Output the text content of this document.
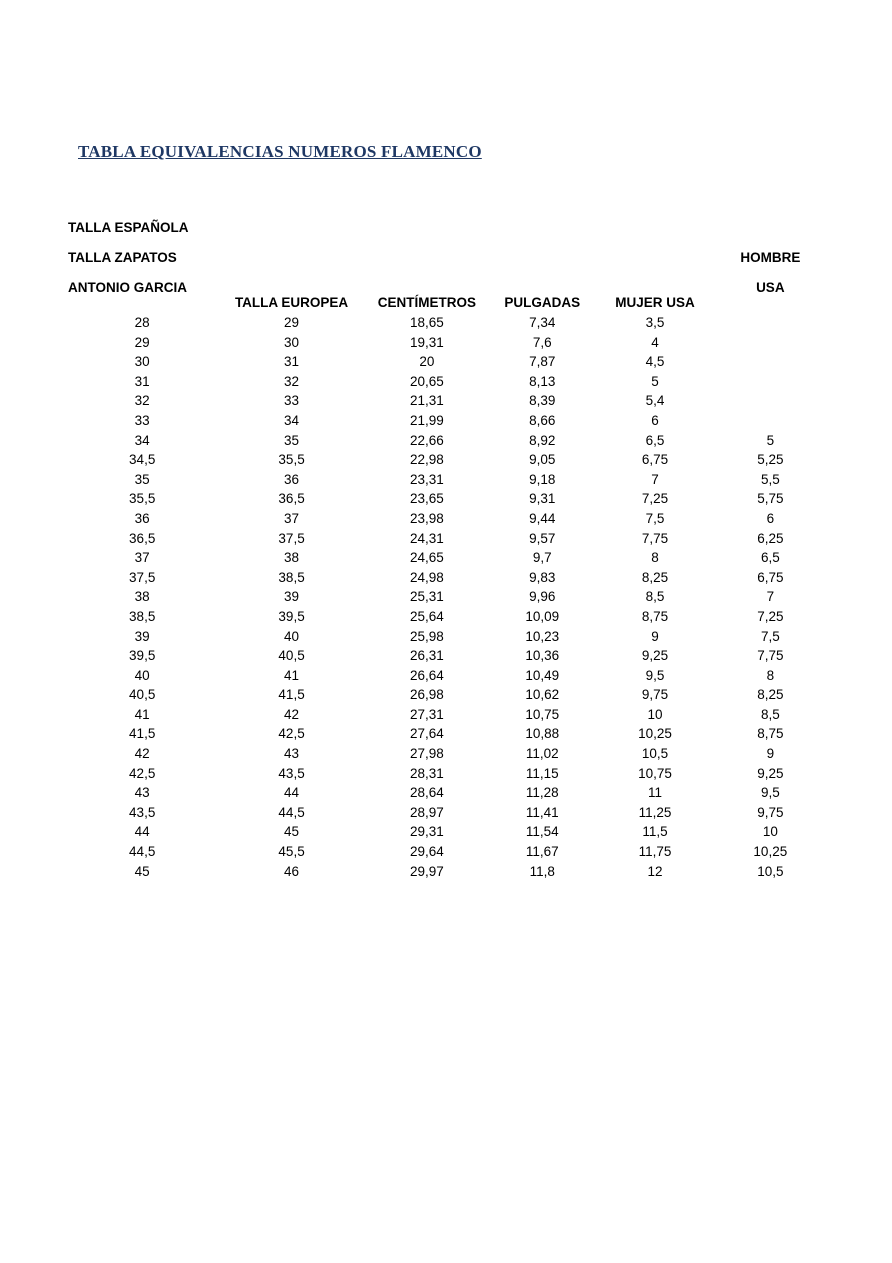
TABLA EQUIVALENCIAS NUMEROS FLAMENCO

TALLA ESPAÑOLA

TALLA ZAPATOS

ANTONIO GARCIA	TALLA EUROPEA	CENTÍMETROS	PULGADAS	MUJER USA	HOMBRE

USA

28	29	18,65	7,34	3,5	
29	30	19,31	7,6	4	
30	31	20	7,87	4,5	
31	32	20,65	8,13	5	
32	33	21,31	8,39	5,4	
33	34	21,99	8,66	6	
34	35	22,66	8,92	6,5	5
34,5	35,5	22,98	9,05	6,75	5,25
35	36	23,31	9,18	7	5,5
35,5	36,5	23,65	9,31	7,25	5,75
36	37	23,98	9,44	7,5	6
36,5	37,5	24,31	9,57	7,75	6,25
37	38	24,65	9,7	8	6,5
37,5	38,5	24,98	9,83	8,25	6,75
38	39	25,31	9,96	8,5	7
38,5	39,5	25,64	10,09	8,75	7,25
39	40	25,98	10,23	9	7,5
39,5	40,5	26,31	10,36	9,25	7,75
40	41	26,64	10,49	9,5	8
40,5	41,5	26,98	10,62	9,75	8,25
41	42	27,31	10,75	10	8,5
41,5	42,5	27,64	10,88	10,25	8,75
42	43	27,98	11,02	10,5	9
42,5	43,5	28,31	11,15	10,75	9,25
43	44	28,64	11,28	11	9,5
43,5	44,5	28,97	11,41	11,25	9,75
44	45	29,31	11,54	11,5	10
44,5	45,5	29,64	11,67	11,75	10,25
45	46	29,97	11,8	12	10,5
